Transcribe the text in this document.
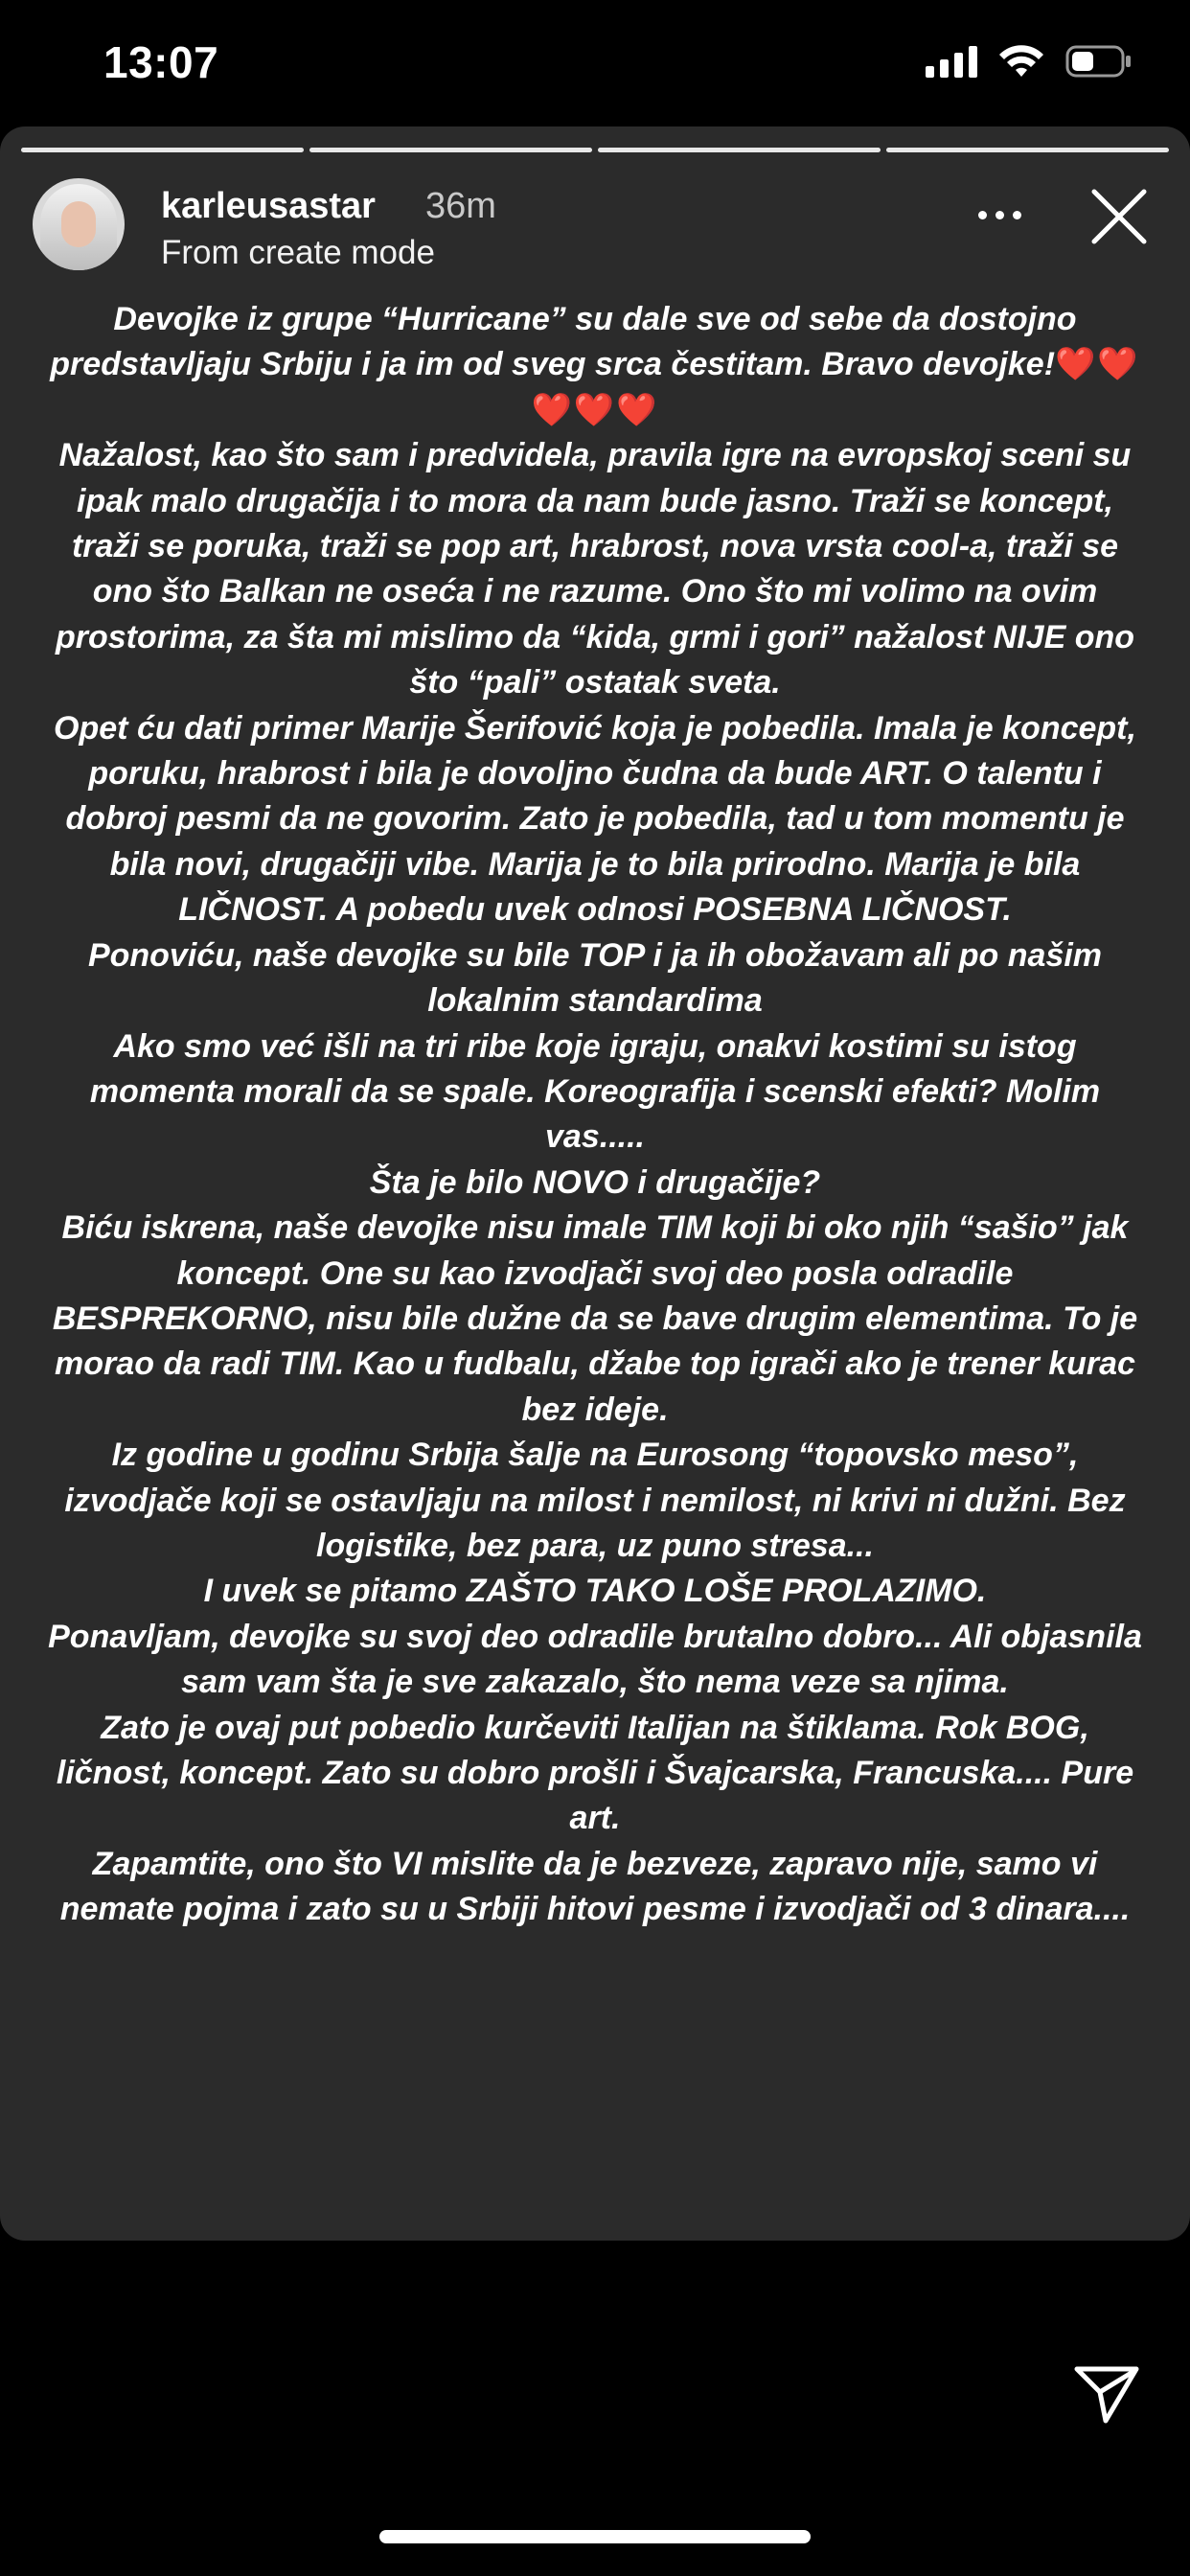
13:07
karleusastar 36m
From create mode

Devojke iz grupe “Hurricane” su dale sve od sebe da dostojno predstavljaju Srbiju i ja im od sveg srca čestitam. Bravo devojke!❤️❤️❤️❤️❤️

Nažalost, kao što sam i predvidela, pravila igre na evropskoj sceni su ipak malo drugačija i to mora da nam bude jasno. Traži se koncept, traži se poruka, traži se pop art, hrabrost, nova vrsta cool-a, traži se ono što Balkan ne oseća i ne razume. Ono što mi volimo na ovim prostorima, za šta mi mislimo da “kida, grmi i gori” nažalost NIJE ono što “pali” ostatak sveta.

Opet ću dati primer Marije Šerifović koja je pobedila. Imala je koncept, poruku, hrabrost i bila je dovoljno čudna da bude ART. O talentu i dobroj pesmi da ne govorim. Zato je pobedila, tad u tom momentu je bila novi, drugačiji vibe. Marija je to bila prirodno. Marija je bila LIČNOST. A pobedu uvek odnosi POSEBNA LIČNOST.

Ponoviću, naše devojke su bile TOP i ja ih obožavam ali po našim lokalnim standardima

Ako smo već išli na tri ribe koje igraju, onakvi kostimi su istog momenta morali da se spale. Koreografija i scenski efekti? Molim vas.....

Šta je bilo NOVO i drugačije?

Biću iskrena, naše devojke nisu imale TIM koji bi oko njih “sašio” jak koncept. One su kao izvodjači svoj deo posla odradile BESPREKORNO, nisu bile dužne da se bave drugim elementima. To je morao da radi TIM. Kao u fudbalu, džabe top igrači ako je trener kurac bez ideje.

Iz godine u godinu Srbija šalje na Eurosong “topovsko meso”, izvodjače koji se ostavljaju na milost i nemilost, ni krivi ni dužni. Bez logistike, bez para, uz puno stresa...

I uvek se pitamo ZAŠTO TAKO LOŠE PROLAZIMO.

Ponavljam, devojke su svoj deo odradile brutalno dobro... Ali objasnila sam vam šta je sve zakazalo, što nema veze sa njima.

Zato je ovaj put pobedio kurčeviti Italijan na štiklama. Rok BOG, ličnost, koncept. Zato su dobro prošli i Švajcarska, Francuska.... Pure art.

Zapamtite, ono što VI mislite da je bezveze, zapravo nije, samo vi nemate pojma i zato su u Srbiji hitovi pesme i izvodjači od 3 dinara....
